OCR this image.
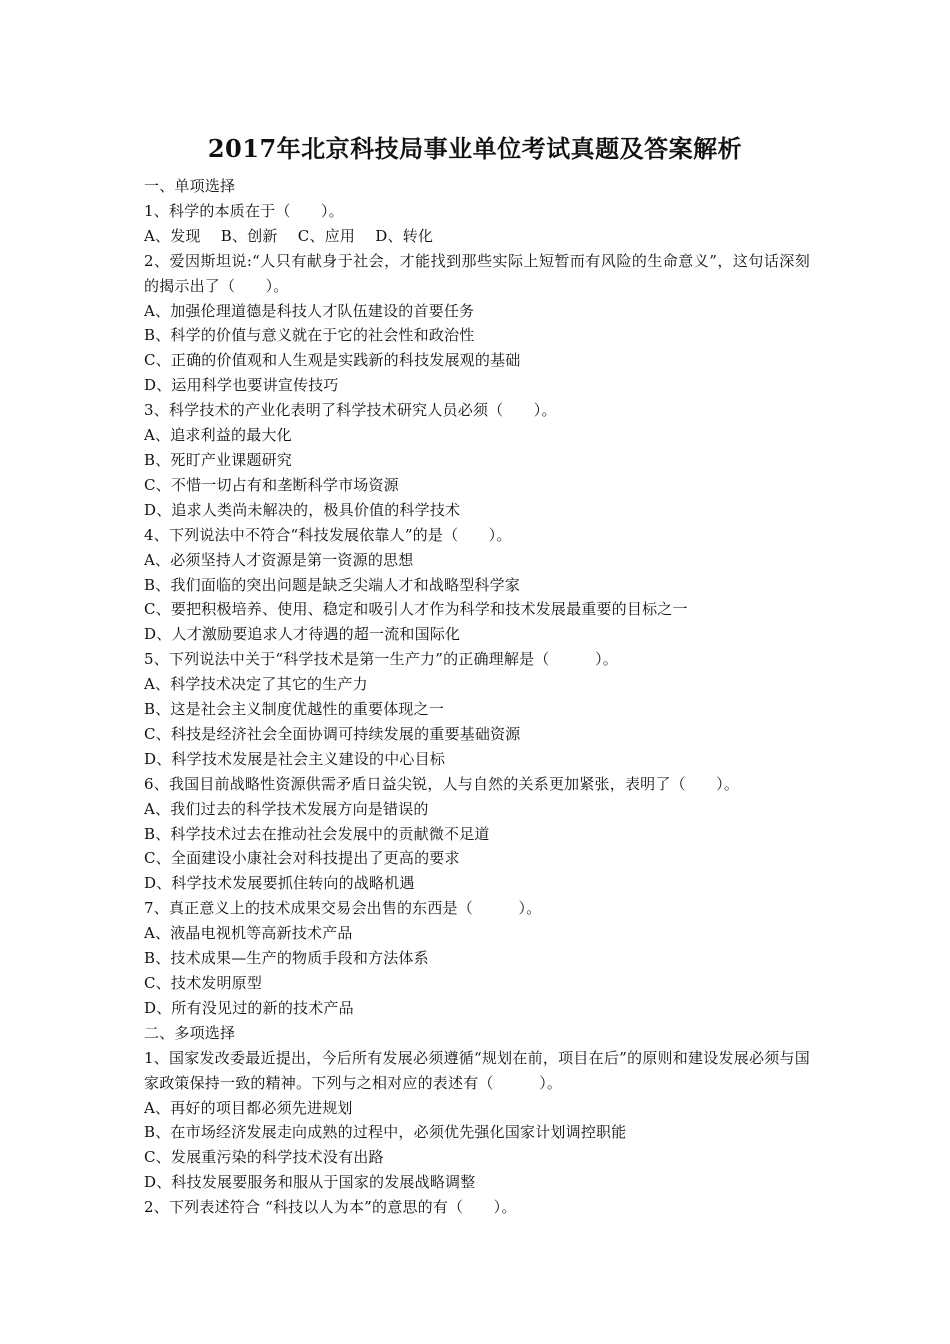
2017年北京科技局事业单位考试真题及答案解析
一、单项选择
1、科学的本质在于（　　）。
A、发现　 B、创新　 C、应用　 D、转化
2、爱因斯坦说:“人只有献身于社会，才能找到那些实际上短暂而有风险的生命意义”，这句话深刻的揭示出了（　　）。
A、加强伦理道德是科技人才队伍建设的首要任务
B、科学的价值与意义就在于它的社会性和政治性
C、正确的价值观和人生观是实践新的科技发展观的基础
D、运用科学也要讲宣传技巧
3、科学技术的产业化表明了科学技术研究人员必须（　　）。
A、追求利益的最大化
B、死盯产业课题研究
C、不惜一切占有和垄断科学市场资源
D、追求人类尚未解决的，极具价值的科学技术
4、下列说法中不符合“科技发展依靠人”的是（　　）。
A、必须坚持人才资源是第一资源的思想
B、我们面临的突出问题是缺乏尖端人才和战略型科学家
C、要把积极培养、使用、稳定和吸引人才作为科学和技术发展最重要的目标之一
D、人才激励要追求人才待遇的超一流和国际化
5、下列说法中关于“科学技术是第一生产力”的正确理解是（　　　）。
A、科学技术决定了其它的生产力
B、这是社会主义制度优越性的重要体现之一
C、科技是经济社会全面协调可持续发展的重要基础资源
D、科学技术发展是社会主义建设的中心目标
6、我国目前战略性资源供需矛盾日益尖锐，人与自然的关系更加紧张，表明了（　　）。
A、我们过去的科学技术发展方向是错误的
B、科学技术过去在推动社会发展中的贡献微不足道
C、全面建设小康社会对科技提出了更高的要求
D、科学技术发展要抓住转向的战略机遇
7、真正意义上的技术成果交易会出售的东西是（　　　）。
A、液晶电视机等高新技术产品
B、技术成果—生产的物质手段和方法体系
C、技术发明原型
D、所有没见过的新的技术产品
二、多项选择
1、国家发改委最近提出，今后所有发展必须遵循“规划在前，项目在后”的原则和建设发展必须与国家政策保持一致的精神。下列与之相对应的表述有（　　　）。
A、再好的项目都必须先进规划
B、在市场经济发展走向成熟的过程中，必须优先强化国家计划调控职能
C、发展重污染的科学技术没有出路
D、科技发展要服务和服从于国家的发展战略调整
2、下列表述符合 “科技以人为本”的意思的有（　　）。
